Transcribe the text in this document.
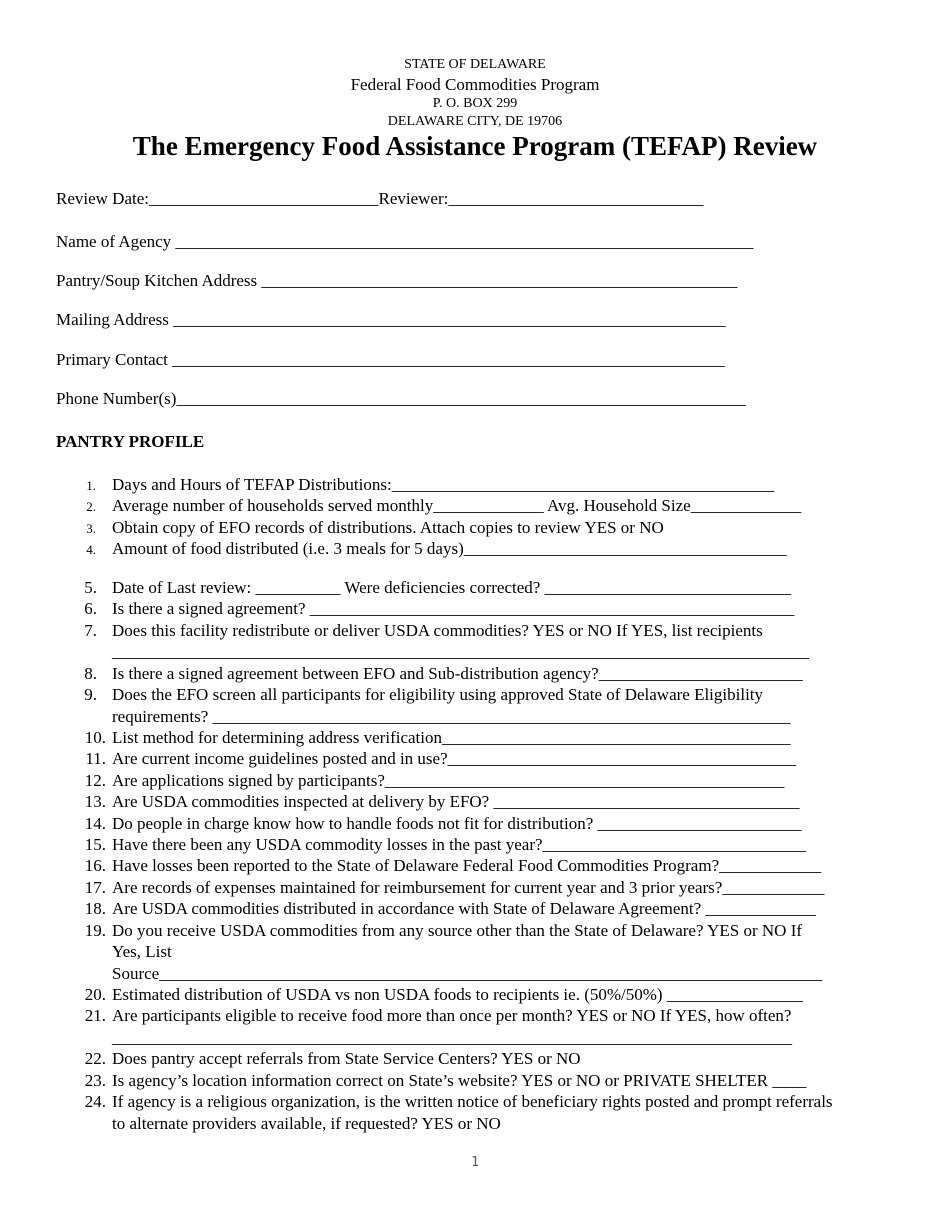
STATE OF DELAWARE
Federal Food Commodities Program
P. O. BOX 299
DELAWARE CITY, DE 19706
The Emergency Food Assistance Program (TEFAP) Review
Review Date:___________________________Reviewer:______________________________
Name of Agency ____________________________________________________________________
Pantry/Soup Kitchen Address ________________________________________________________
Mailing Address _________________________________________________________________
Primary Contact _________________________________________________________________
Phone Number(s)___________________________________________________________________
PANTRY PROFILE
1. Days and Hours of TEFAP Distributions:_____________________________________________
2. Average number of households served monthly_____________ Avg. Household Size_____________
3. Obtain copy of EFO records of distributions. Attach copies to review YES or NO
4. Amount of food distributed (i.e. 3 meals for 5 days)______________________________________
5. Date of Last review: __________ Were deficiencies corrected? _____________________________
6. Is there a signed agreement? _________________________________________________________
7. Does this facility redistribute or deliver USDA commodities? YES or NO If YES, list recipients
__________________________________________________________________________________
8. Is there a signed agreement between EFO and Sub-distribution agency?________________________
9. Does the EFO screen all participants for eligibility using approved State of Delaware Eligibility
requirements? ____________________________________________________________________
10. List method for determining address verification_________________________________________
11. Are current income guidelines posted and in use?_________________________________________
12. Are applications signed by participants?_______________________________________________
13. Are USDA commodities inspected at delivery by EFO? ____________________________________
14. Do people in charge know how to handle foods not fit for distribution? ________________________
15. Have there been any USDA commodity losses in the past year?_______________________________
16. Have losses been reported to the State of Delaware Federal Food Commodities Program?____________
17. Are records of expenses maintained for reimbursement for current year and 3 prior years?____________
18. Are USDA commodities distributed in accordance with State of Delaware Agreement? _____________
19. Do you receive USDA commodities from any source other than the State of Delaware? YES or NO If
Yes, List
Source______________________________________________________________________________
20. Estimated distribution of USDA vs non USDA foods to recipients ie. (50%/50%) ________________
21. Are participants eligible to receive food more than once per month? YES or NO If YES, how often?
________________________________________________________________________________
22. Does pantry accept referrals from State Service Centers? YES or NO
23. Is agency’s location information correct on State’s website? YES or NO or PRIVATE SHELTER ____
24. If agency is a religious organization, is the written notice of beneficiary rights posted and prompt referrals
to alternate providers available, if requested? YES or NO
1
